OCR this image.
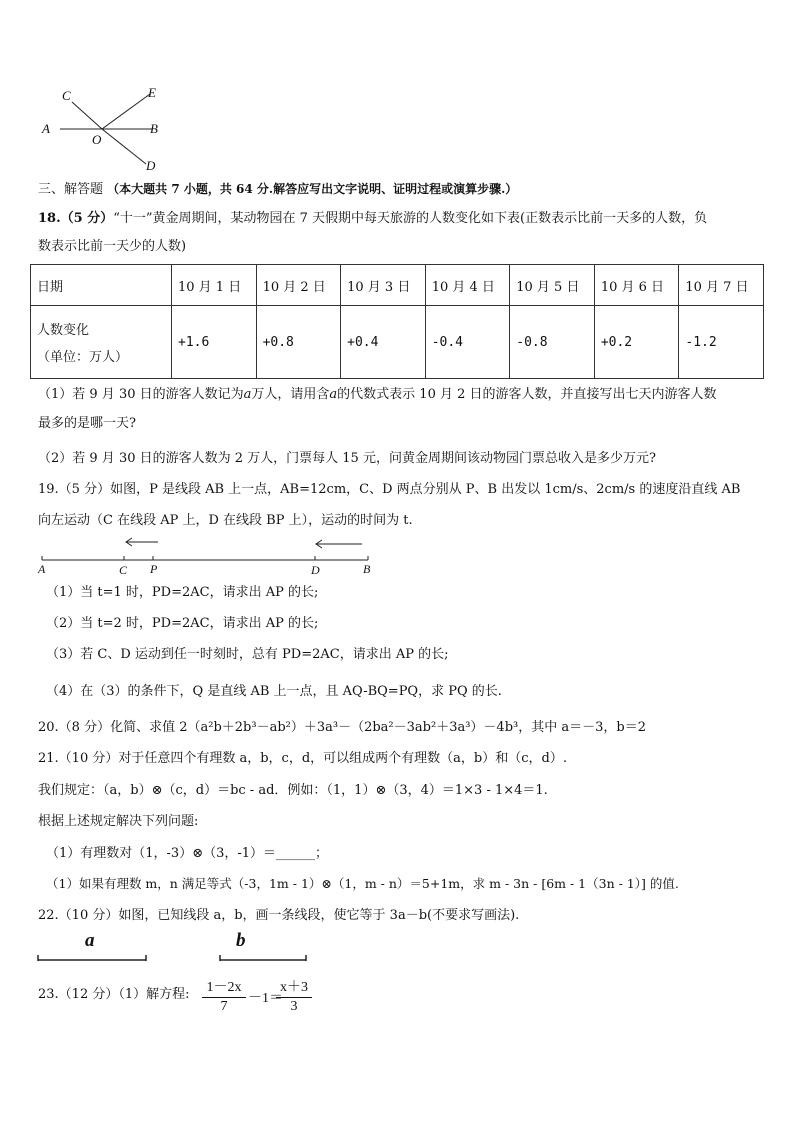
C	E
A	B
O
D
三、解答题 （本大题共 7 小题，共 64 分.解答应写出文字说明、证明过程或演算步骤.）
18.（5 分）“十一”黄金周期间，某动物园在 7 天假期中每天旅游的人数变化如下表(正数表示比前一天多的人数，负
数表示比前一天少的人数)
日期	10 月 1 日	10 月 2 日	10 月 3 日	10 月 4 日	10 月 5 日	10 月 6 日	10 月 7 日

人数变化
（单位：万人）	+1.6	+0.8	+0.4	-0.4	-0.8	+0.2	-1.2
（1）若 9 月 30 日的游客人数记为a万人，请用含a的代数式表示 10 月 2 日的游客人数，并直接写出七天内游客人数
最多的是哪一天?
（2）若 9 月 30 日的游客人数为 2 万人，门票每人 15 元，问黄金周期间该动物园门票总收入是多少万元?
19.（5 分）如图，P 是线段 AB 上一点，AB=12cm，C、D 两点分别从 P、B 出发以 1cm/s、2cm/s 的速度沿直线 AB
向左运动（C 在线段 AP 上，D 在线段 BP 上），运动的时间为 t.
A	C P	D	B
（1）当 t=1 时，PD=2AC，请求出 AP 的长;
（2）当 t=2 时，PD=2AC，请求出 AP 的长;
（3）若 C、D 运动到任一时刻时，总有 PD=2AC，请求出 AP 的长;
（4）在（3）的条件下，Q 是直线 AB 上一点，且 AQ-BQ=PQ，求 PQ 的长.
20.（8 分）化简、求值 2（a²b＋2b³－ab²）＋3a³－（2ba²－3ab²＋3a³）－4b³，其中 a＝－3，b＝2
21.（10 分）对于任意四个有理数 a，b，c，d，可以组成两个有理数（a，b）和（c，d）.
我们规定：（a，b）⊗（c，d）＝bc - ad．例如：（1，1）⊗（3，4）＝1×3 - 1×4＝1.
根据上述规定解决下列问题:
（1）有理数对（1，-3）⊗（3，-1）＝______；
（1）如果有理数 m，n 满足等式（-3，1m - 1）⊗（1，m - n）＝5+1m，求 m - 3n - [6m - 1（3n - 1）] 的值.
22.（10 分）如图，已知线段 a，b，画一条线段，使它等于 3a－b(不要求写画法).
a	b
23.（12 分）（1）解方程:	1－2x
7
－1＝
x＋3
3
